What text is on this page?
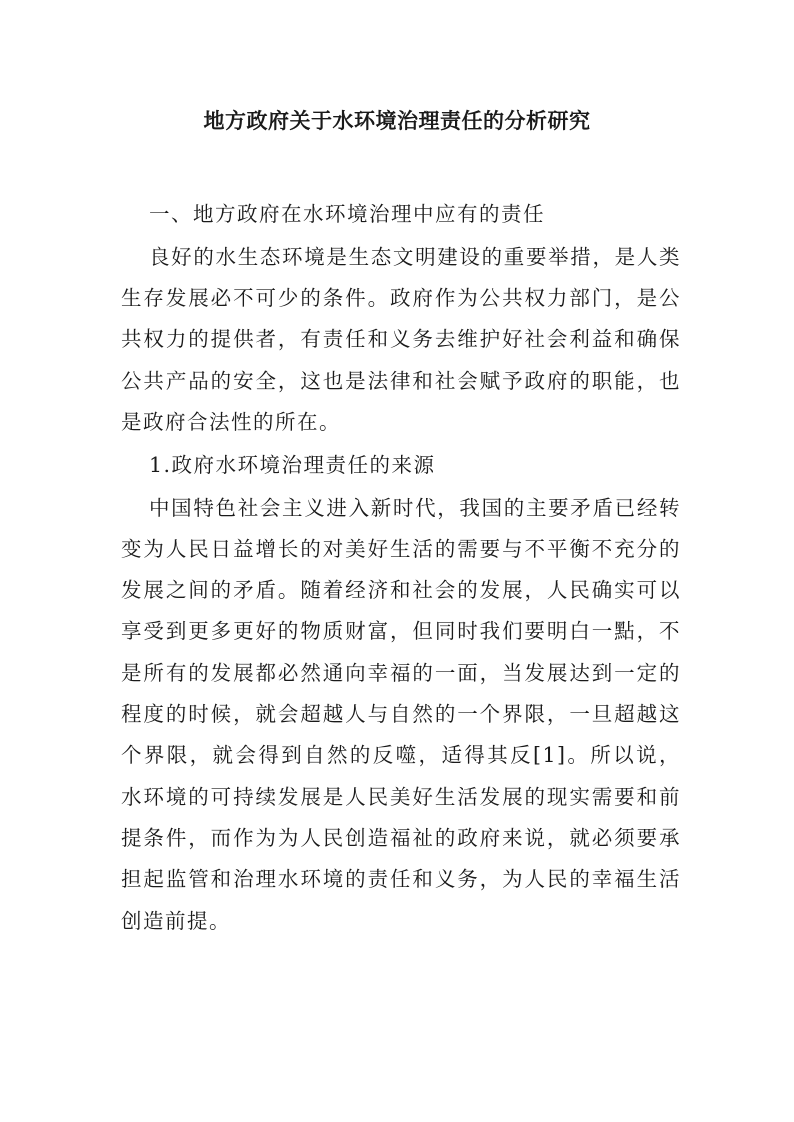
地方政府关于水环境治理责任的分析研究

一、地方政府在水环境治理中应有的责任

良好的水生态环境是生态文明建设的重要举措，是人类生存发展必不可少的条件。政府作为公共权力部门，是公共权力的提供者，有责任和义务去维护好社会利益和确保公共产品的安全，这也是法律和社会赋予政府的职能，也是政府合法性的所在。

1.政府水环境治理责任的来源

中国特色社会主义进入新时代，我国的主要矛盾已经转变为人民日益增长的对美好生活的需要与不平衡不充分的发展之间的矛盾。随着经济和社会的发展，人民确实可以享受到更多更好的物质财富，但同时我们要明白一點，不是所有的发展都必然通向幸福的一面，当发展达到一定的程度的时候，就会超越人与自然的一个界限，一旦超越这个界限，就会得到自然的反噬，适得其反[1]。所以说，水环境的可持续发展是人民美好生活发展的现实需要和前提条件，而作为为人民创造福祉的政府来说，就必须要承担起监管和治理水环境的责任和义务，为人民的幸福生活创造前提。
